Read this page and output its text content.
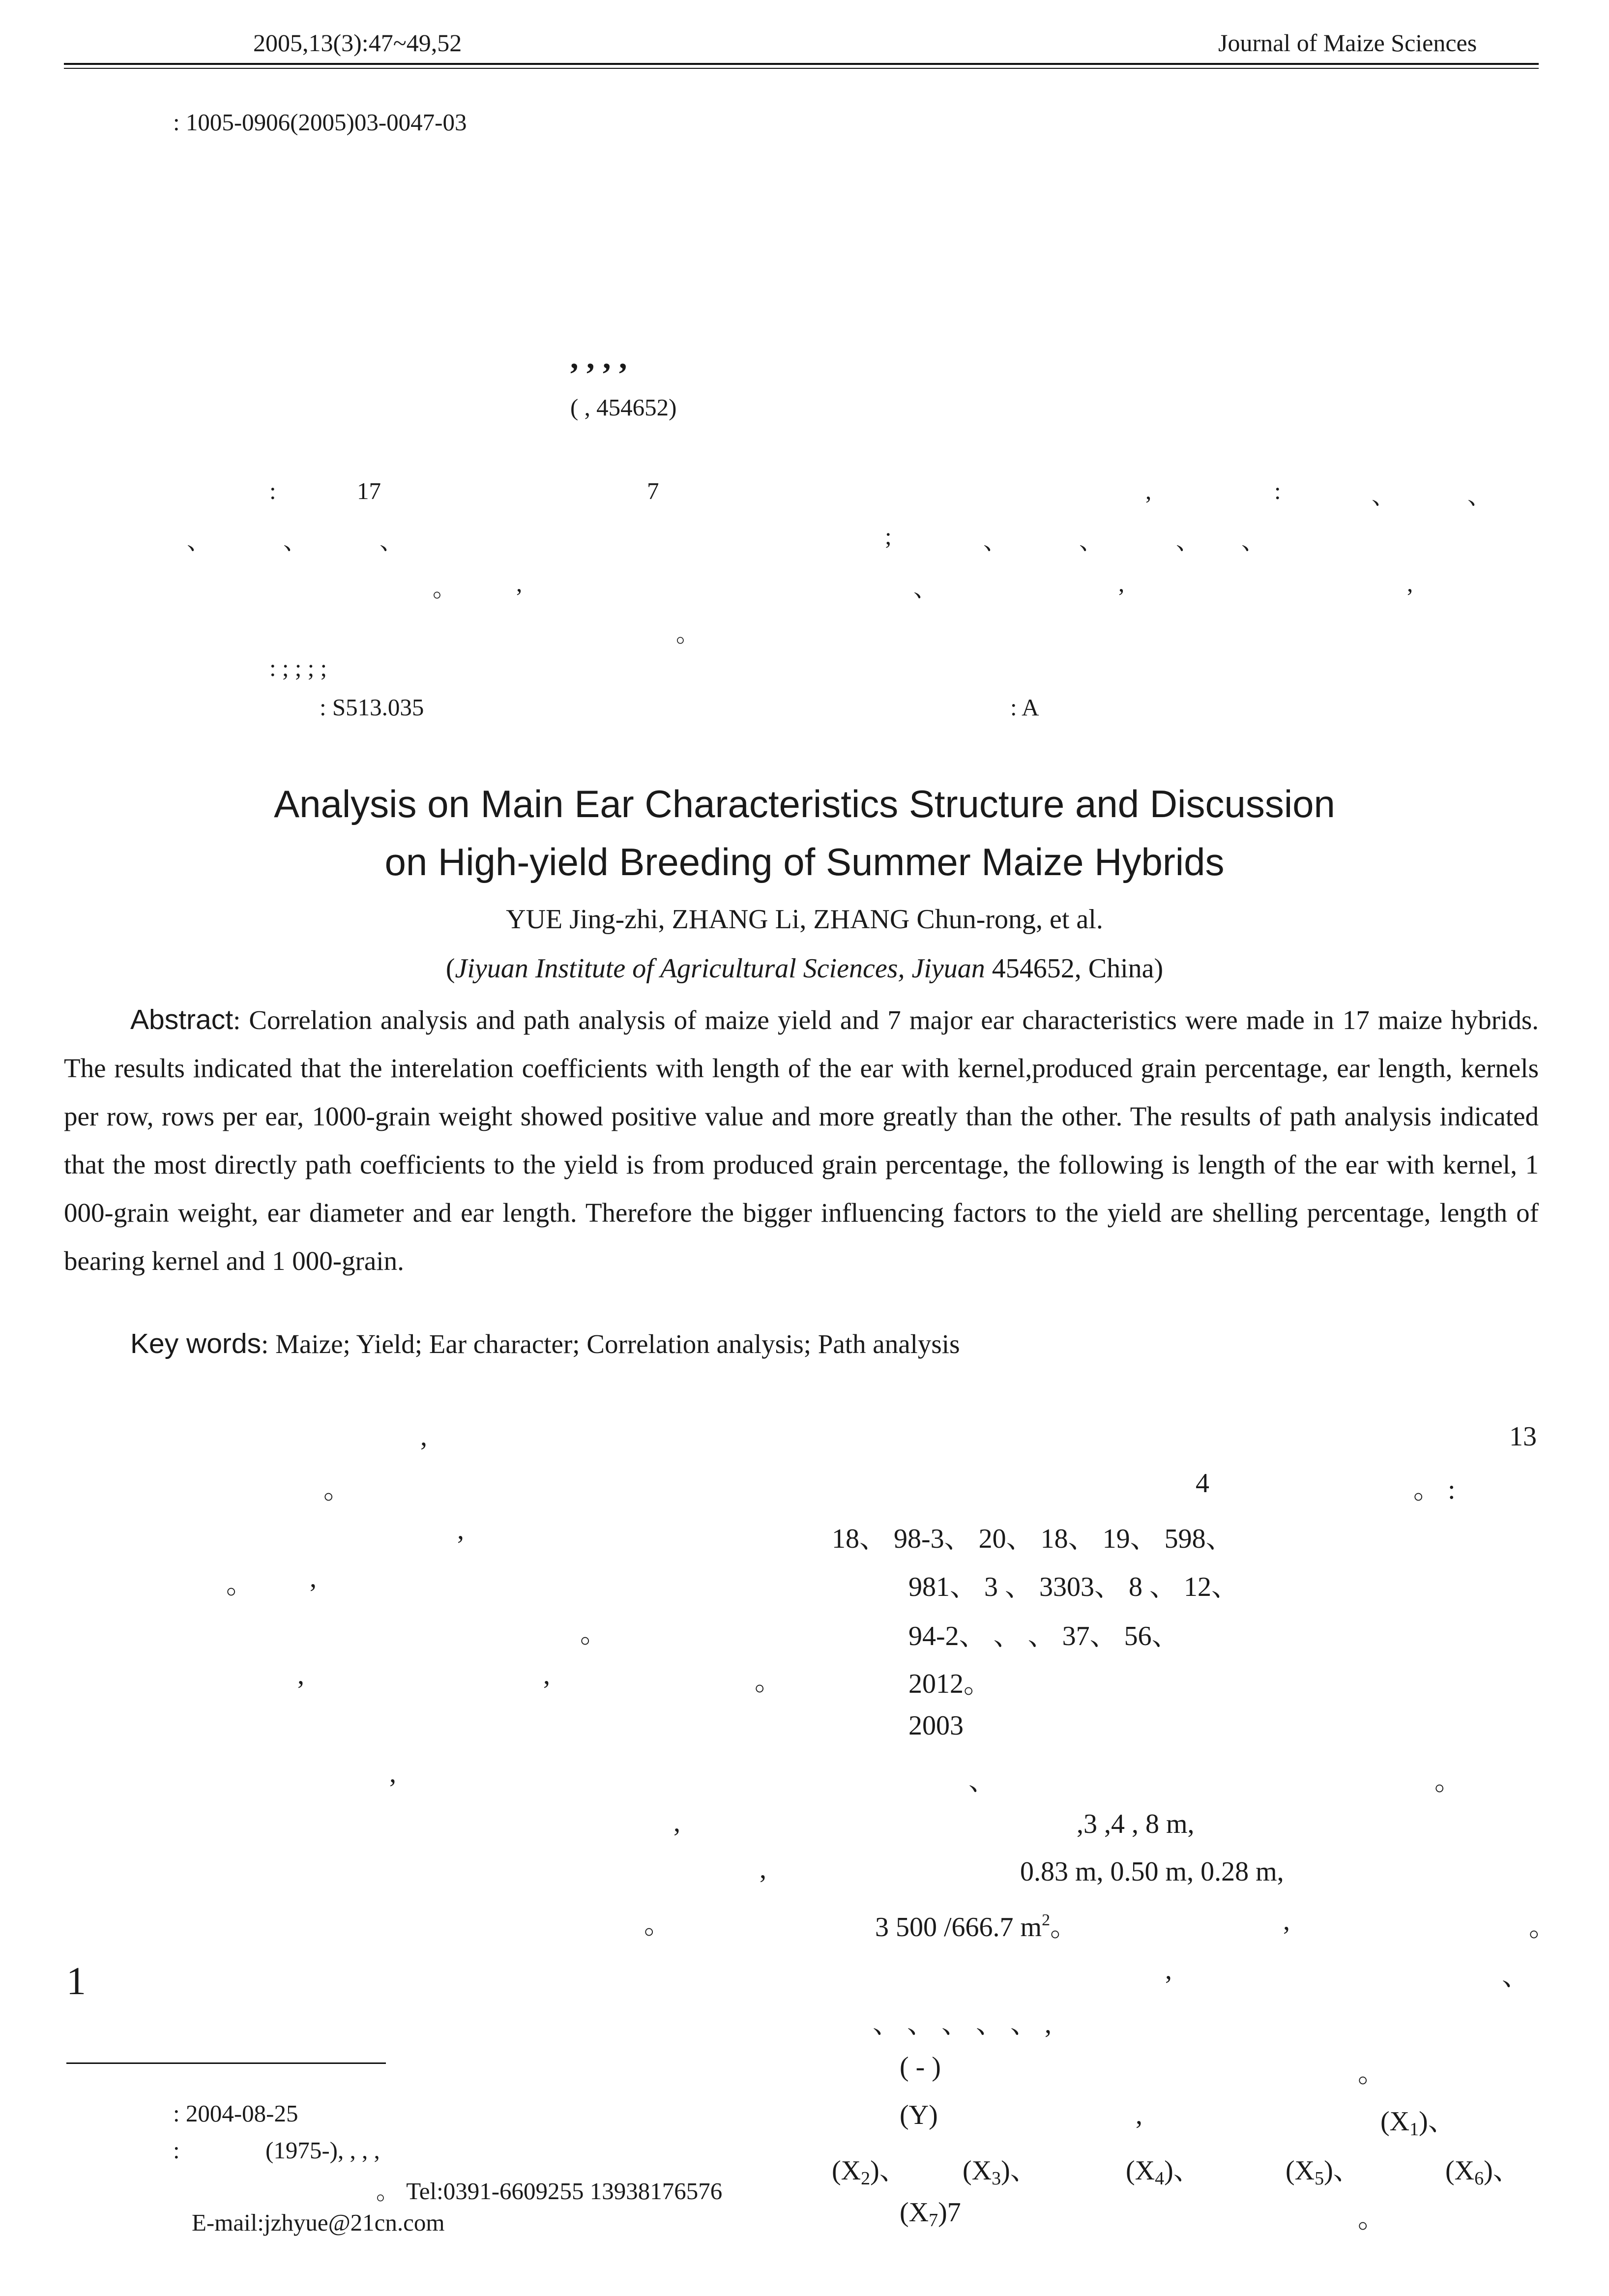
2005,13(3):47~49,52	Journal of Maize Sciences
: 1005-0906(2005)03-0047-03
, , , ,
( , 454652)
:	17	7	,	:	、	、
、	、	、	;	、	、	、 、
。 ,	、	,	,
。
: ; ; ; ;
: S513.035	: A
Analysis on Main Ear Characteristics Structure and Discussion
on High-yield Breeding of Summer Maize Hybrids
YUE Jing-zhi, ZHANG Li, ZHANG Chun-rong, et al.
(Jiyuan Institute of Agricultural Sciences, Jiyuan 454652, China)

Abstract: Correlation analysis and path analysis of maize yield and 7 major ear characteristics were made in 17 maize hybrids. The results indicated that the interelation coefficients with length of the ear with kernel,produced grain percentage, ear length, kernels per row, rows per ear, 1000-grain weight showed positive value and more greatly than the other. The results of path analysis indicated that the most directly path coefficients to the yield is from produced grain percentage, the following is length of the ear with kernel, 1 000-grain weight, ear diameter and ear length. Therefore the bigger influencing factors to the yield are shelling percentage, length of bearing kernel and 1 000-grain.

Key words: Maize; Yield; Ear character; Correlation analysis; Path analysis
,
。
,
。 ,
。
,	,	。
,
,
,
。
1
: 2004-08-25
:	(1975-), , , ,
。 Tel:0391-6609255 13938176576
E-mail:jzhyue@21cn.com
13
4	。 :
18、 98-3、 20、 18、 19、 598、
981、 3 、 3303、 8 、 12、
94-2、 、 、 37、 56、
2012。
2003
、	。
,3 ,4 , 8 m,
0.83 m, 0.50 m, 0.28 m,
3 500 /666.7 $m^2$。	,	。
,	、
、 、 、 、 、 ,
( - )	。
(Y)	,	$(X_1)$、
$(X_2)$、 $(X_3)$、	$(X_4)$、	$(X_5)$、	$(X_6)$、
$(X_7)7$	。
